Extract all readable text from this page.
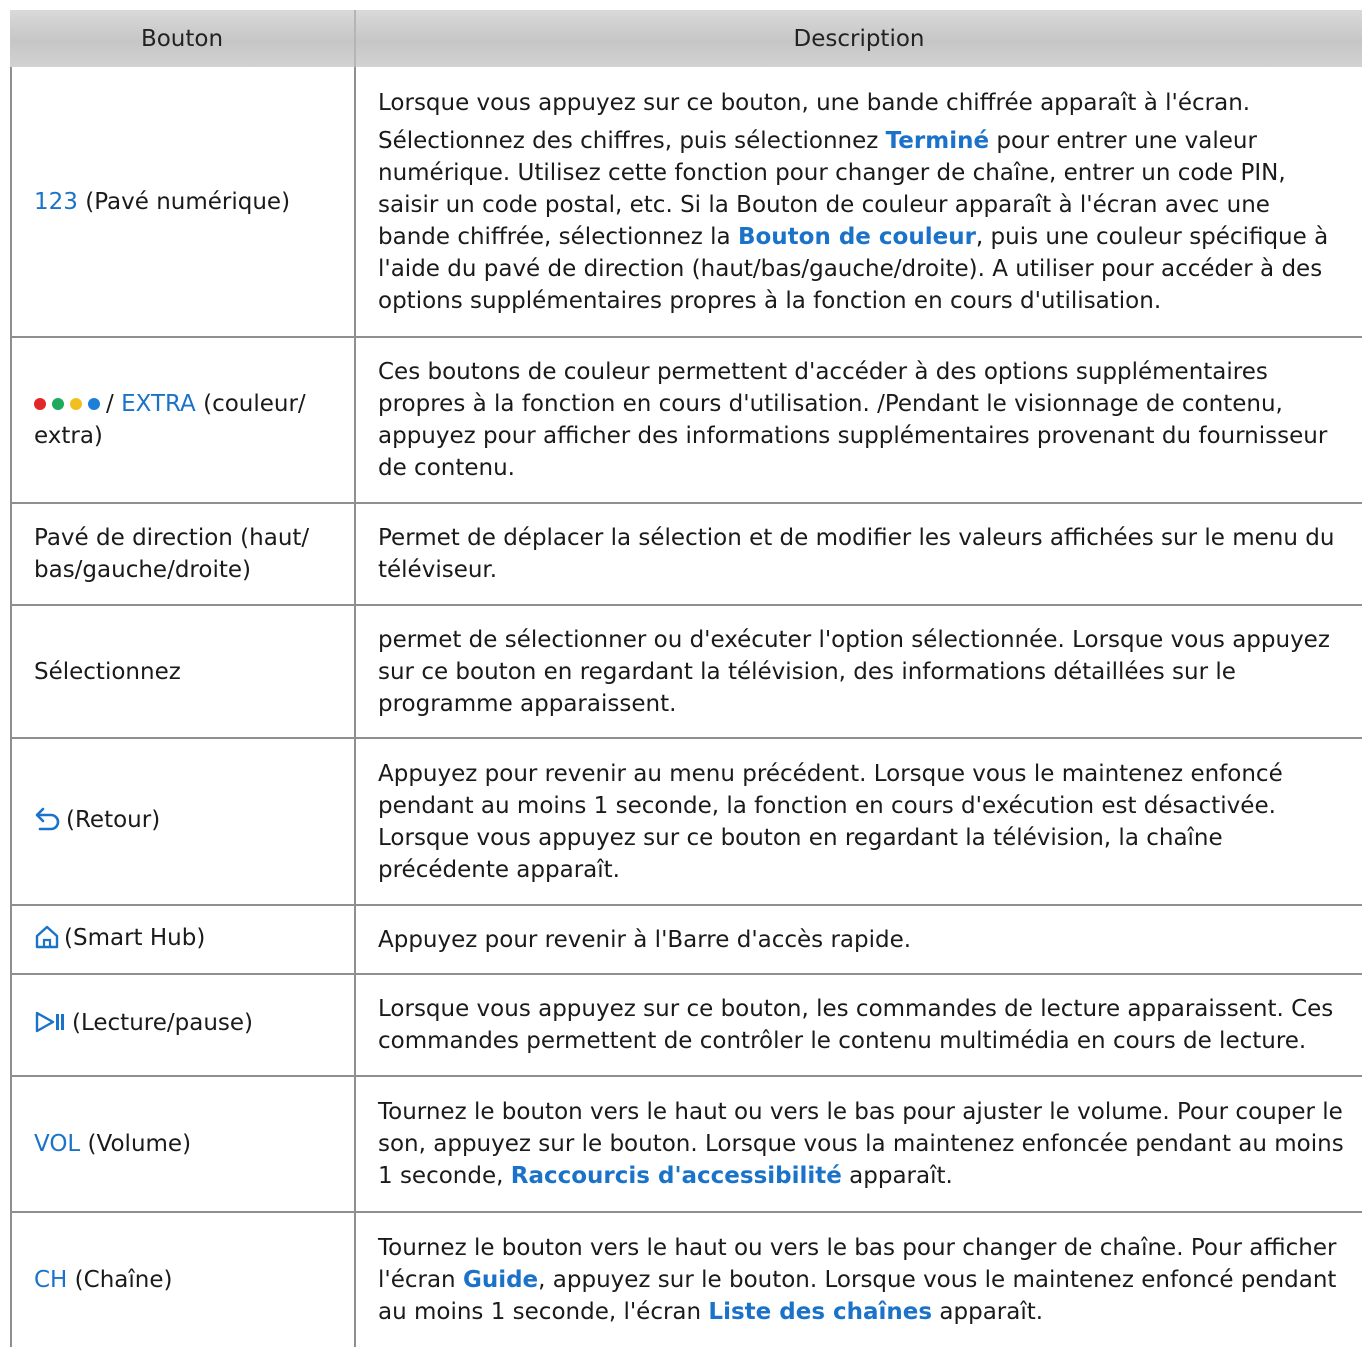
Bouton	Description
123 (Pavé numérique)

Lorsque vous appuyez sur ce bouton, une bande chiffrée apparaît à l'écran.

Sélectionnez des chiffres, puis sélectionnez Terminé pour entrer une valeur numérique. Utilisez cette fonction pour changer de chaîne, entrer un code PIN, saisir un code postal, etc. Si la Bouton de couleur apparaît à l'écran avec une bande chiffrée, sélectionnez la Bouton de couleur, puis une couleur spécifique à l'aide du pavé de direction (haut/bas/gauche/droite). A utiliser pour accéder à des options supplémentaires propres à la fonction en cours d'utilisation.

/ EXTRA (couleur/ extra)

Ces boutons de couleur permettent d'accéder à des options supplémentaires propres à la fonction en cours d'utilisation. /Pendant le visionnage de contenu, appuyez pour afficher des informations supplémentaires provenant du fournisseur de contenu.

Pavé de direction (haut/ bas/gauche/droite)

Permet de déplacer la sélection et de modifier les valeurs affichées sur le menu du téléviseur.

Sélectionnez

permet de sélectionner ou d'exécuter l'option sélectionnée. Lorsque vous appuyez sur ce bouton en regardant la télévision, des informations détaillées sur le programme apparaissent.

(Retour)

Appuyez pour revenir au menu précédent. Lorsque vous le maintenez enfoncé pendant au moins 1 seconde, la fonction en cours d'exécution est désactivée. Lorsque vous appuyez sur ce bouton en regardant la télévision, la chaîne précédente apparaît.

(Smart Hub)	Appuyez pour revenir à l'Barre d'accès rapide.

(Lecture/pause)

Lorsque vous appuyez sur ce bouton, les commandes de lecture apparaissent. Ces commandes permettent de contrôler le contenu multimédia en cours de lecture.

VOL (Volume)

Tournez le bouton vers le haut ou vers le bas pour ajuster le volume. Pour couper le son, appuyez sur le bouton. Lorsque vous la maintenez enfoncée pendant au moins 1 seconde, Raccourcis d'accessibilité apparaît.

CH (Chaîne)

Tournez le bouton vers le haut ou vers le bas pour changer de chaîne. Pour afficher l'écran Guide, appuyez sur le bouton. Lorsque vous le maintenez enfoncé pendant au moins 1 seconde, l'écran Liste des chaînes apparaît.
